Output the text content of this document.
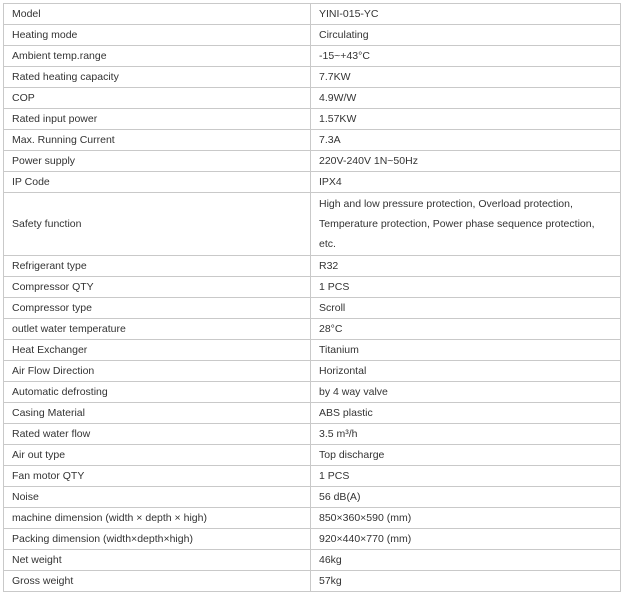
Model	YINI-015-YC
Heating mode	Circulating
Ambient temp.range	-15~+43°C
Rated heating capacity	7.7KW
COP	4.9W/W
Rated input power	1.57KW
Max. Running Current	7.3A
Power supply	220V-240V 1N~50Hz
IP Code	IPX4
Safety function	High and low pressure protection, Overload protection, Temperature protection, Power phase sequence protection, etc.
Refrigerant type	R32
Compressor QTY	1 PCS
Compressor type	Scroll
outlet water temperature	28°C
Heat Exchanger	Titanium
Air Flow Direction	Horizontal
Automatic defrosting	by 4 way valve
Casing Material	ABS plastic
Rated water flow	3.5 m³/h
Air out type	Top discharge
Fan motor QTY	1 PCS
Noise	56 dB(A)
machine dimension (width × depth × high)	850×360×590 (mm)
Packing dimension (width×depth×high)	920×440×770 (mm)
Net weight	46kg
Gross weight	57kg
